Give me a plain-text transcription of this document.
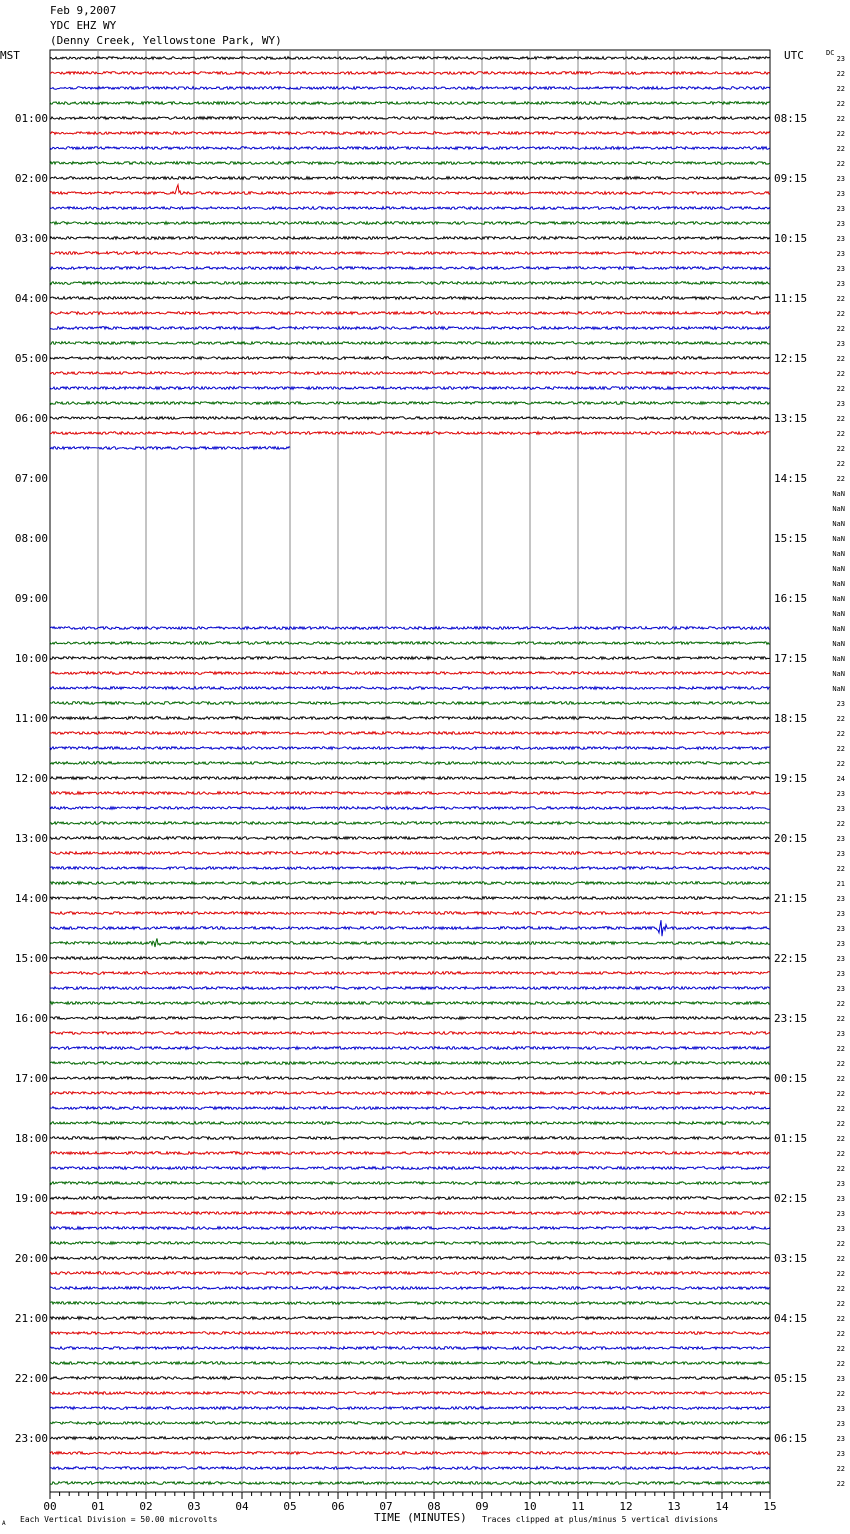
Feb 9,2007
YDC EHZ WY
(Denny Creek, Yellowstone Park, WY)
MST	UTC	DC
01:00
02:00
03:00
04:00
05:00
06:00
07:00
08:00
09:00
10:00
11:00
12:00
13:00
14:00
15:00
16:00
17:00
18:00
19:00
20:00
21:00
22:00
23:00
08:15
09:15
10:15
11:15
12:15
13:15
14:15
15:15
16:15
17:15
18:15
19:15
20:15
21:15
22:15
23:15
00:15
01:15
02:15
03:15
04:15
05:15
06:15
23
22
22
22
22
22
22
22
23
23
23
23
23
23
23
23
22
22
22
23
22
22
22
23
22
22
22
22
22
NaN
NaN
NaN
NaN
NaN
NaN
NaN
NaN
NaN
NaN
NaN
NaN
NaN
NaN
23
22
22
22
22
24
23
23
22
23
23
22
21
23
23
23
23
23
23
23
22
22
23
22
22
22
22
22
22
22
22
22
23
23
23
23
22
22
22
22
22
22
22
22
22
23
22
23
23
23
23
22
22
00	01	02	03	04	05	06	07	08	09	10	11	12	13	14	15
Each Vertical Division = 50.00 microvolts	TIME (MINUTES) Traces clipped at plus/minus 5 vertical divisions
A
